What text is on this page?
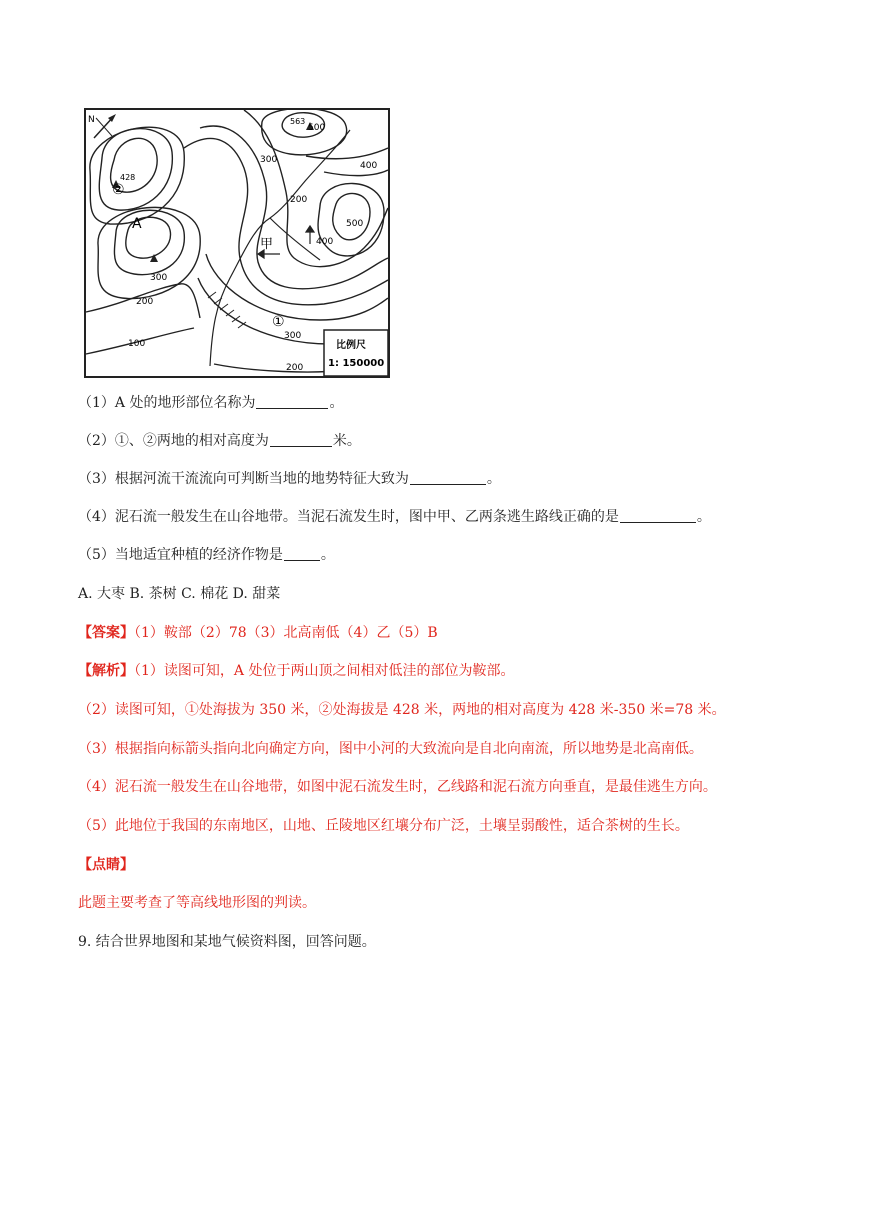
N	563
428
②
①
A
甲
300
500
400
200
500
400
300
200
100
300
200
比例尺
1: 150000
（1）A 处的地形部位名称为	。
（2）①、②两地的相对高度为	米。
（3）根据河流干流流向可判断当地的地势特征大致为	。
（4）泥石流一般发生在山谷地带。当泥石流发生时，图中甲、乙两条逃生路线正确的是	。
（5）当地适宜种植的经济作物是	。
A. 大枣 B. 茶树 C. 棉花 D. 甜菜
【答案】（1）鞍部（2）78（3）北高南低（4）乙（5）B
【解析】（1）读图可知，A 处位于两山顶之间相对低洼的部位为鞍部。
（2）读图可知，①处海拔为 350 米，②处海拔是 428 米，两地的相对高度为 428 米-350 米=78 米。
（3）根据指向标箭头指向北向确定方向，图中小河的大致流向是自北向南流，所以地势是北高南低。
（4）泥石流一般发生在山谷地带，如图中泥石流发生时，乙线路和泥石流方向垂直，是最佳逃生方向。
（5）此地位于我国的东南地区，山地、丘陵地区红壤分布广泛，土壤呈弱酸性，适合茶树的生长。
【点睛】
此题主要考查了等高线地形图的判读。
9. 结合世界地图和某地气候资料图，回答问题。
